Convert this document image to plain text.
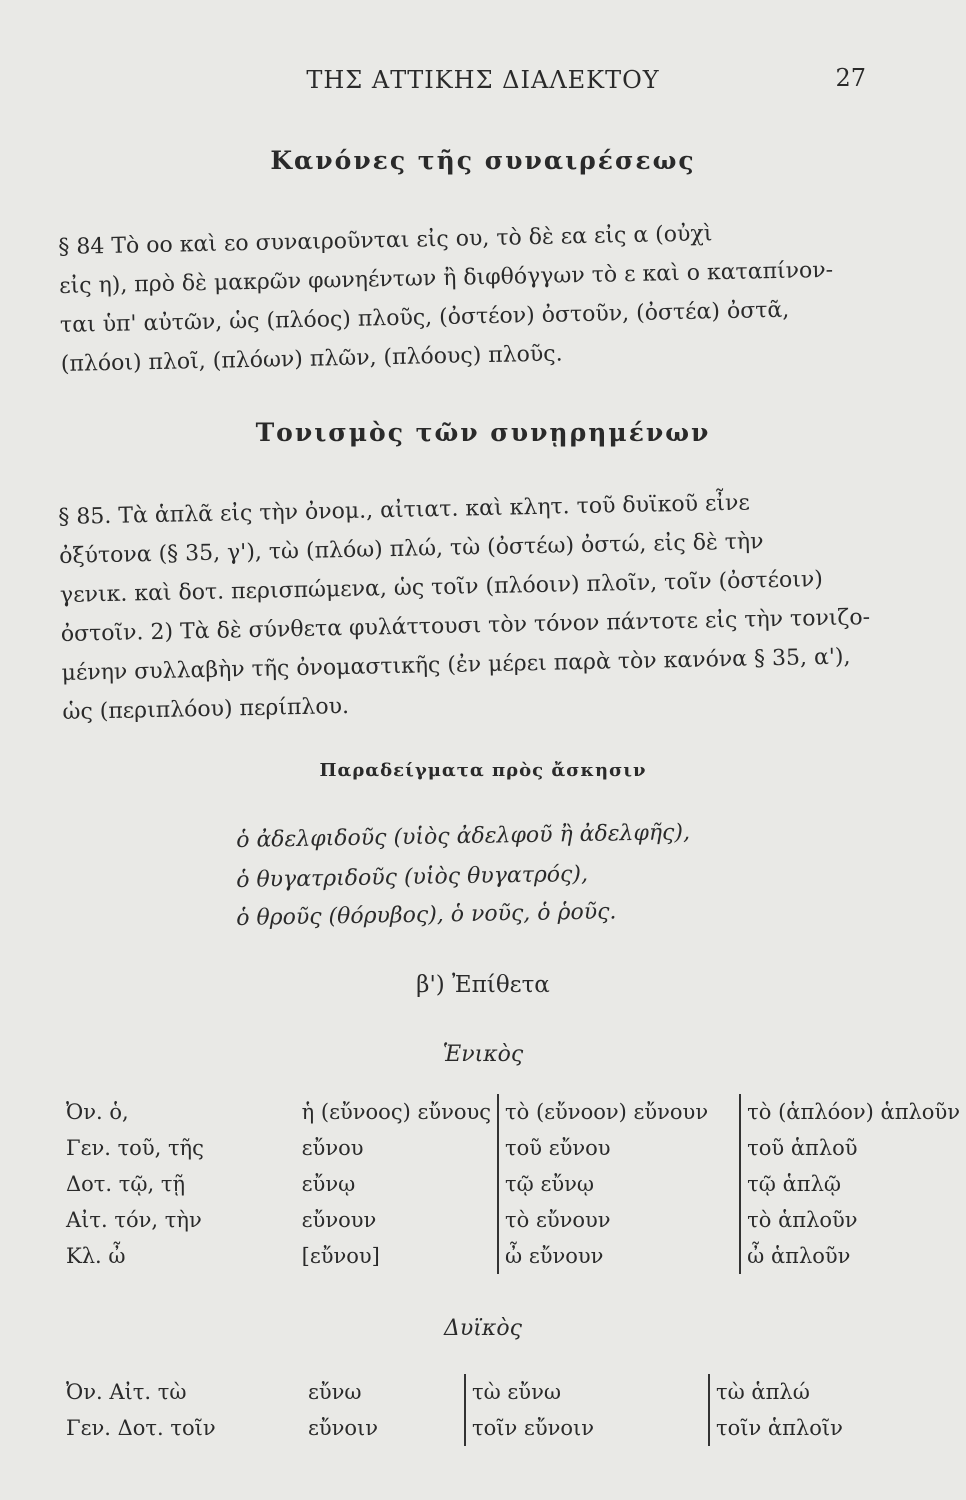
ΤΗΣ ΑΤΤΙΚΗΣ ΔΙΑΛΕΚΤΟΥ	27
Κανόνες τῆς συναιρέσεως

§ 84 Τὸ οο καὶ εο συναιροῦνται εἰς ου, τὸ δὲ εα εἰς α (οὐχὶ

εἰς η), πρὸ δὲ μακρῶν φωνηέντων ἢ διφθόγγων τὸ ε καὶ ο καταπίνον-

ται ὑπ' αὐτῶν, ὡς (πλόος) πλοῦς, (ὀστέον) ὀστοῦν, (ὀστέα) ὀστᾶ,

(πλόοι) πλοῖ, (πλόων) πλῶν, (πλόους) πλοῦς.

Τονισμὸς τῶν συνῃρημένων

§ 85. Τὰ ἁπλᾶ εἰς τὴν ὀνομ., αἰτιατ. καὶ κλητ. τοῦ δυϊκοῦ εἶνε

ὀξύτονα (§ 35, γ'), τὼ (πλόω) πλώ, τὼ (ὀστέω) ὀστώ, εἰς δὲ τὴν

γενικ. καὶ δοτ. περισπώμενα, ὡς τοῖν (πλόοιν) πλοῖν, τοῖν (ὀστέοιν)

ὀστοῖν. 2) Τὰ δὲ σύνθετα φυλάττουσι τὸν τόνον πάντοτε εἰς τὴν τονιζο-

μένην συλλαβὴν τῆς ὀνομαστικῆς (ἐν μέρει παρὰ τὸν κανόνα § 35, α'),

ὡς (περιπλόου) περίπλου.

Παραδείγματα πρὸς ἄσκησιν
ὁ ἀδελφιδοῦς (υἱὸς ἀδελφοῦ ἢ ἀδελφῆς),
ὁ θυγατριδοῦς (υἱὸς θυγατρός),
ὁ θροῦς (θόρυβος), ὁ νοῦς, ὁ ῥοῦς.
β') Ἐπίθετα
Ἑνικὸς
Ὀν. ὁ,	ἡ (εὔνοος) εὔνους	τὸ (εὔνοον) εὔνουν	τὸ (ἁπλόον) ἁπλοῦν
Γεν. τοῦ, τῆς	εὔνου	τοῦ εὔνου	τοῦ ἁπλοῦ
Δοτ. τῷ, τῇ	εὔνῳ	τῷ εὔνῳ	τῷ ἁπλῷ
Αἰτ. τόν, τὴν	εὔνουν	τὸ εὔνουν	τὸ ἁπλοῦν
Κλ. ὦ	[εὔνου]	ὦ εὔνουν	ὦ ἁπλοῦν
Δυϊκὸς
Ὀν. Αἰτ. τὼ	εὔνω	τὼ εὔνω	τὼ ἁπλώ
Γεν. Δοτ. τοῖν	εὔνοιν	τοῖν εὔνοιν	τοῖν ἁπλοῖν
